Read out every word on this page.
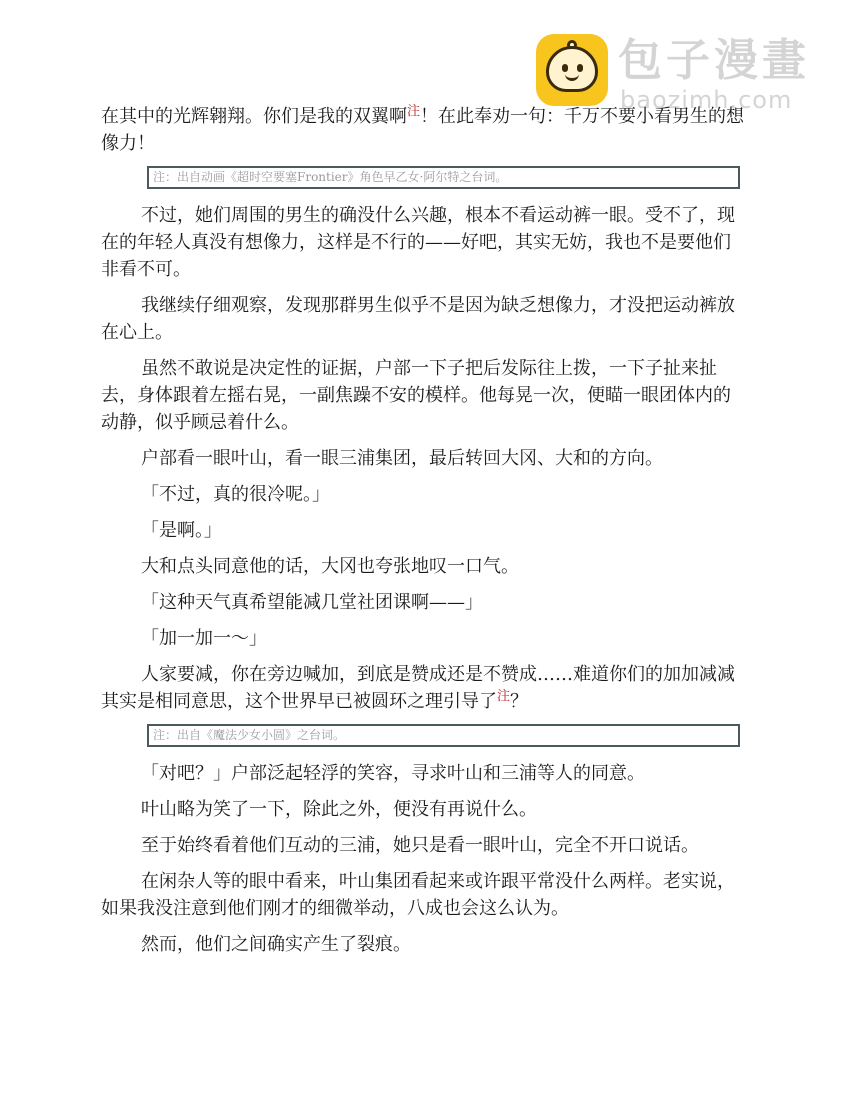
包子漫畫
baozimh.com

在其中的光辉翱翔。你们是我的双翼啊$^注$！在此奉劝一句：千万不要小看男生的想像力！

注：出自动画《超时空要塞Frontier》角色早乙女·阿尔特之台词。

不过，她们周围的男生的确没什么兴趣，根本不看运动裤一眼。受不了，现在的年轻人真没有想像力，这样是不行的——好吧，其实无妨，我也不是要他们非看不可。

我继续仔细观察，发现那群男生似乎不是因为缺乏想像力，才没把运动裤放在心上。

虽然不敢说是决定性的证据，户部一下子把后发际往上拨，一下子扯来扯去，身体跟着左摇右晃，一副焦躁不安的模样。他每晃一次，便瞄一眼团体内的动静，似乎顾忌着什么。

户部看一眼叶山，看一眼三浦集团，最后转回大冈、大和的方向。

「不过，真的很冷呢。」

「是啊。」

大和点头同意他的话，大冈也夸张地叹一口气。

「这种天气真希望能减几堂社团课啊——」

「加一加一～」

人家要减，你在旁边喊加，到底是赞成还是不赞成……难道你们的加加减减其实是相同意思，这个世界早已被圆环之理引导了$^注$？

注：出自《魔法少女小圆》之台词。

「对吧？」户部泛起轻浮的笑容，寻求叶山和三浦等人的同意。

叶山略为笑了一下，除此之外，便没有再说什么。

至于始终看着他们互动的三浦，她只是看一眼叶山，完全不开口说话。

在闲杂人等的眼中看来，叶山集团看起来或许跟平常没什么两样。老实说，如果我没注意到他们刚才的细微举动，八成也会这么认为。

然而，他们之间确实产生了裂痕。
